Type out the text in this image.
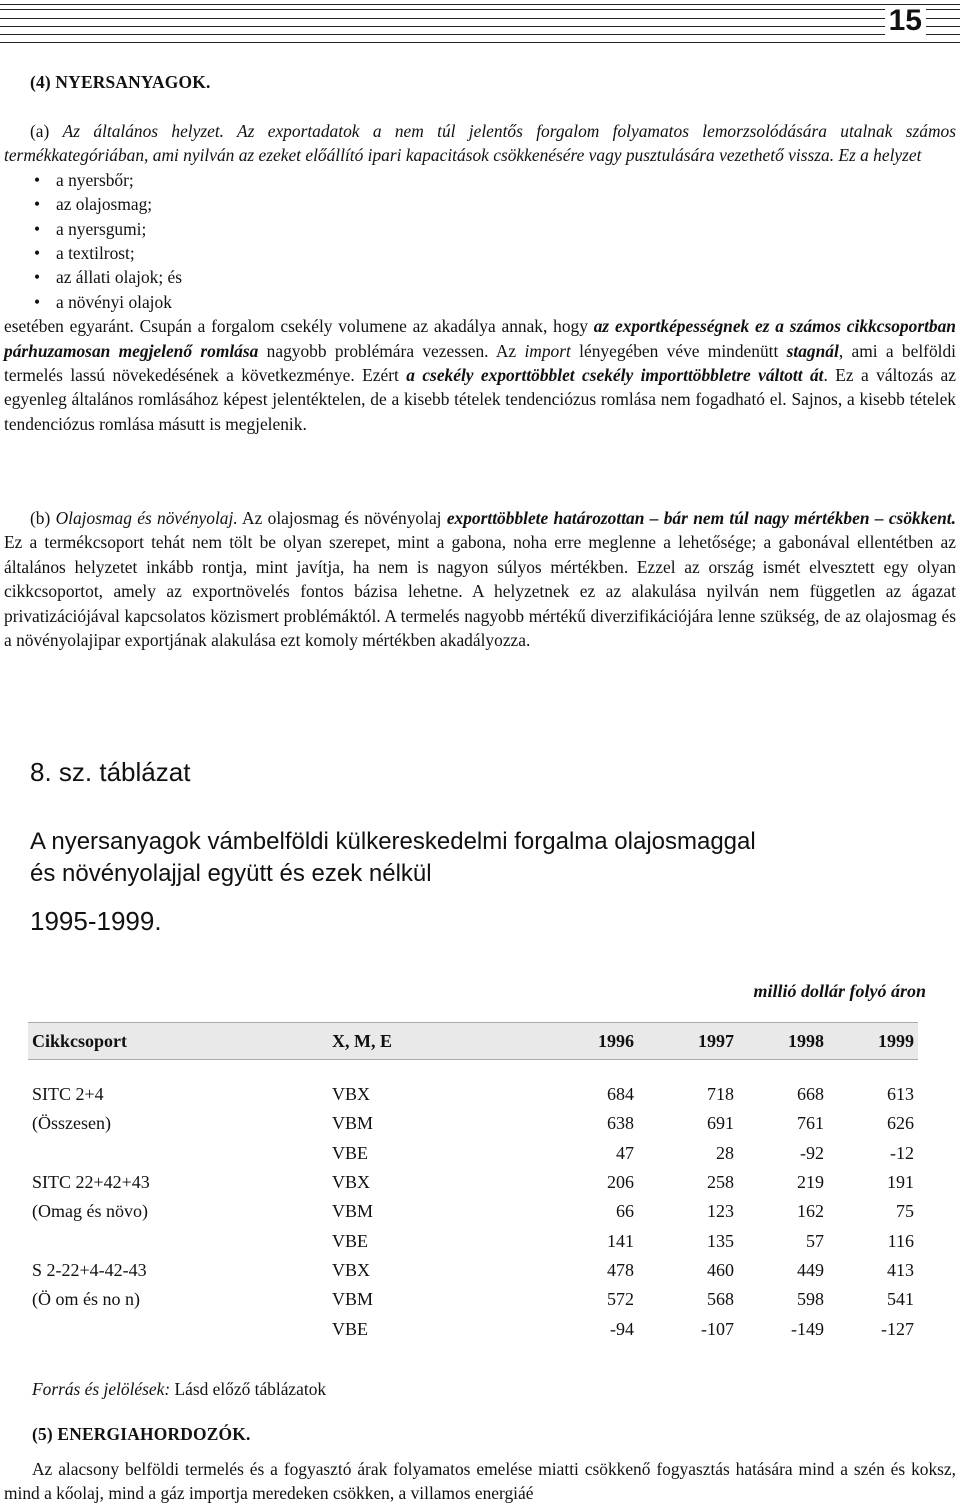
15

(4) NYERSANYAGOK.

(a) Az általános helyzet. Az exportadatok a nem túl jelentős forgalom folyamatos lemorzsolódására utalnak számos termékkategóriában, ami nyilván az ezeket előállító ipari kapacitások csökkenésére vagy pusztulására vezethető vissza. Ez a helyzet

• a nyersbőr;
• az olajosmag;
• a nyersgumi;
• a textilrost;
• az állati olajok; és
• a növényi olajok

esetében egyaránt. Csupán a forgalom csekély volumene az akadálya annak, hogy az exportképességnek ez a számos cikkcsoportban párhuzamosan megjelenő romlása nagyobb problémára vezessen. Az import lényegében véve mindenütt stagnál, ami a belföldi termelés lassú növekedésének a következménye. Ezért a csekély exporttöbblet csekély importtöbbletre váltott át. Ez a változás az egyenleg általános romlásához képest jelentéktelen, de a kisebb tételek tendenciózus romlása nem fogadható el. Sajnos, a kisebb tételek tendenciózus romlása másutt is megjelenik.

(b) Olajosmag és növényolaj. Az olajosmag és növényolaj exporttöbblete határozottan – bár nem túl nagy mértékben – csökkent. Ez a termékcsoport tehát nem tölt be olyan szerepet, mint a gabona, noha erre meglenne a lehetősége; a gabonával ellentétben az általános helyzetet inkább rontja, mint javítja, ha nem is nagyon súlyos mértékben. Ezzel az ország ismét elvesztett egy olyan cikkcsoportot, amely az exportnövelés fontos bázisa lehetne. A helyzetnek ez az alakulása nyilván nem független az ágazat privatizációjával kapcsolatos közismert problémáktól. A termelés nagyobb mértékű diverzifikációjára lenne szükség, de az olajosmag és a növényolajipar exportjának alakulása ezt komoly mértékben akadályozza.

8. sz. táblázat
A nyersanyagok vámbelföldi külkereskedelmi forgalma olajosmaggal
és növényolajjal együtt és ezek nélkül
1995-1999.
millió dollár folyó áron
Cikkcsoport	X, M, E	1996	1997	1998	1999
SITC 2+4	VBX	684	718	668	613
(Összesen)	VBM	638	691	761	626
	VBE	47	28	-92	-12
SITC 22+42+43	VBX	206	258	219	191
(Omag és növo)	VBM	66	123	162	75
	VBE	141	135	57	116
S 2-22+4-42-43	VBX	478	460	449	413
(Ö om és no n)	VBM	572	568	598	541
	VBE	-94	-107	-149	-127
Forrás és jelölések: Lásd előző táblázatok

(5) ENERGIAHORDOZÓK.

Az alacsony belföldi termelés és a fogyasztó árak folyamatos emelése miatti csökkenő fogyasztás hatására mind a szén és koksz, mind a kőolaj, mind a gáz importja meredeken csökken, a villamos energiáé
